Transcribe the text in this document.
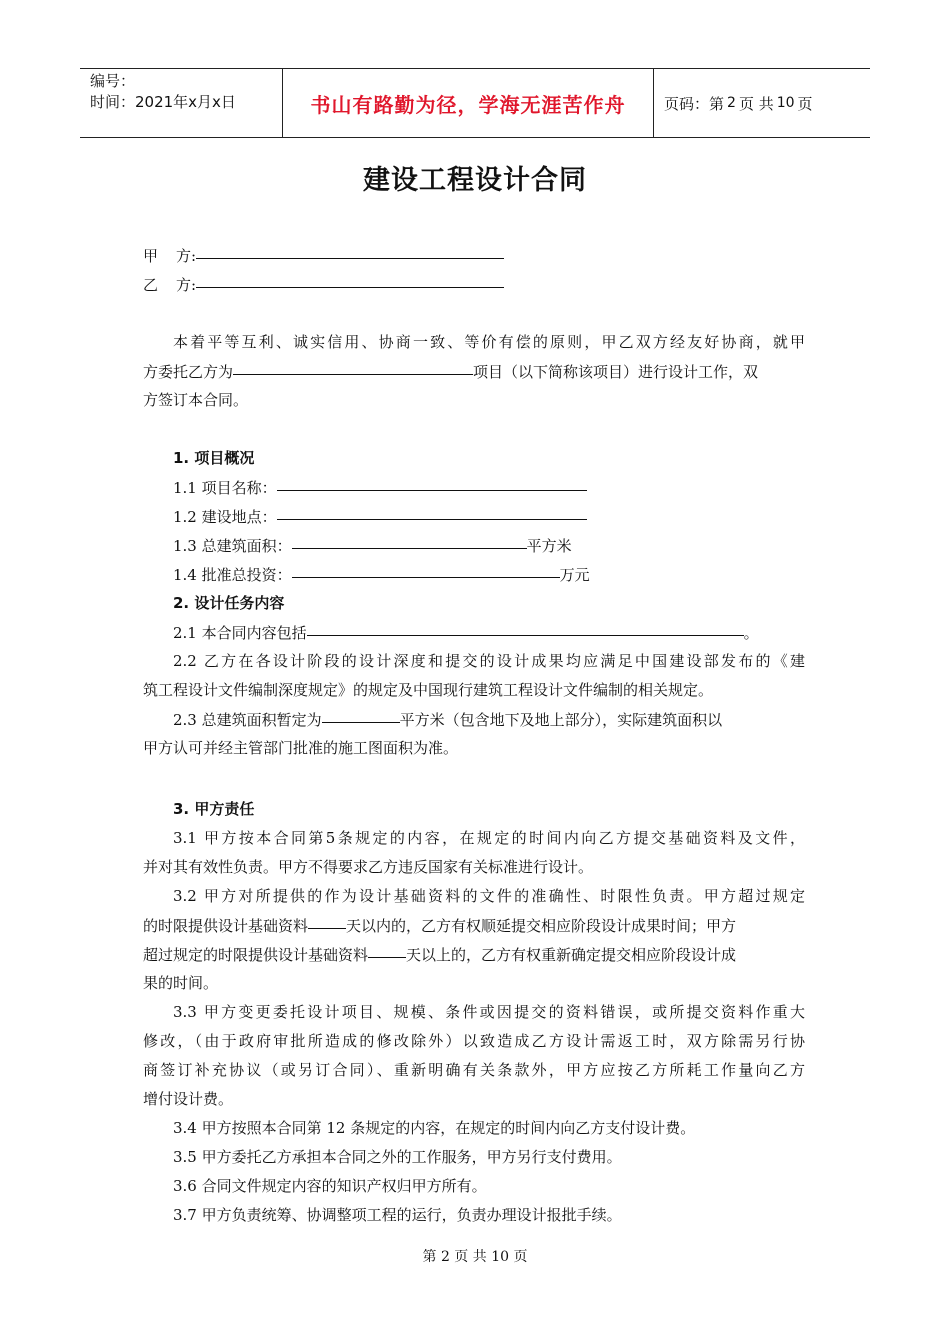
编号：
时间：2021年x月x日	书山有路勤为径，学海无涯苦作舟	页码：第 2 页 共 10 页
建设工程设计合同
甲方:
乙方:
本着平等互利、诚实信用、协商一致、等价有偿的原则，甲乙双方经友好协商，就甲
方委托乙方为	项目（以下简称该项目）进行设计工作，双
方签订本合同。
1. 项目概况
1.1 项目名称：
1.2 建设地点：
1.3 总建筑面积：	平方米
1.4 批准总投资：	万元
2. 设计任务内容
2.1 本合同内容包括	。
2.2 乙方在各设计阶段的设计深度和提交的设计成果均应满足中国建设部发布的《建
筑工程设计文件编制深度规定》的规定及中国现行建筑工程设计文件编制的相关规定。
2.3 总建筑面积暂定为	平方米（包含地下及地上部分），实际建筑面积以
甲方认可并经主管部门批准的施工图面积为准。
3. 甲方责任
3.1 甲方按本合同第5条规定的内容，在规定的时间内向乙方提交基础资料及文件，
并对其有效性负责。甲方不得要求乙方违反国家有关标准进行设计。
3.2 甲方对所提供的作为设计基础资料的文件的准确性、时限性负责。甲方超过规定
的时限提供设计基础资料	天以内的，乙方有权顺延提交相应阶段设计成果时间；甲方
超过规定的时限提供设计基础资料	天以上的，乙方有权重新确定提交相应阶段设计成
果的时间。
3.3 甲方变更委托设计项目、规模、条件或因提交的资料错误，或所提交资料作重大
修改，（由于政府审批所造成的修改除外）以致造成乙方设计需返工时，双方除需另行协
商签订补充协议（或另订合同）、重新明确有关条款外，甲方应按乙方所耗工作量向乙方
增付设计费。
3.4 甲方按照本合同第 12 条规定的内容，在规定的时间内向乙方支付设计费。
3.5 甲方委托乙方承担本合同之外的工作服务，甲方另行支付费用。
3.6 合同文件规定内容的知识产权归甲方所有。
3.7 甲方负责统筹、协调整项工程的运行，负责办理设计报批手续。
第 2 页 共 10 页
